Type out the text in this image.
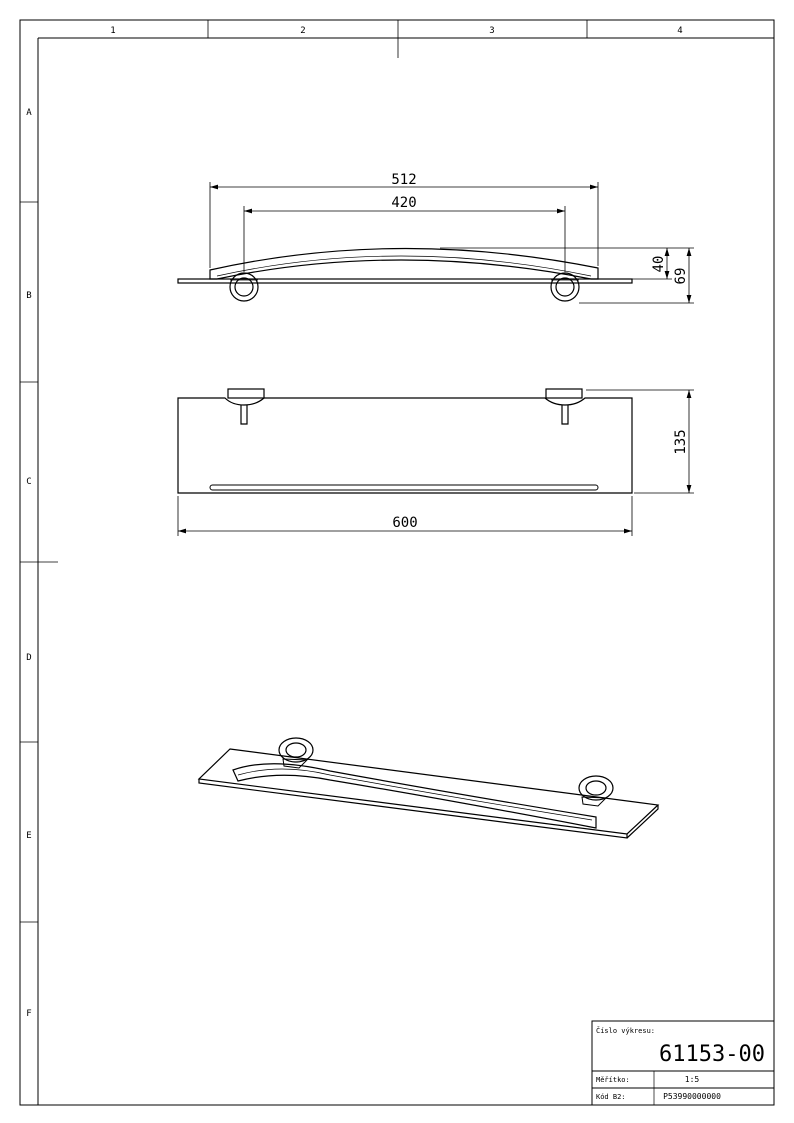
1	2	3	4
A
B
C
D
E
F
512
420
40
69
135
600
Číslo výkresu:
61153-00
Měřítko:	1:5
Kód B2:	P53990000000
